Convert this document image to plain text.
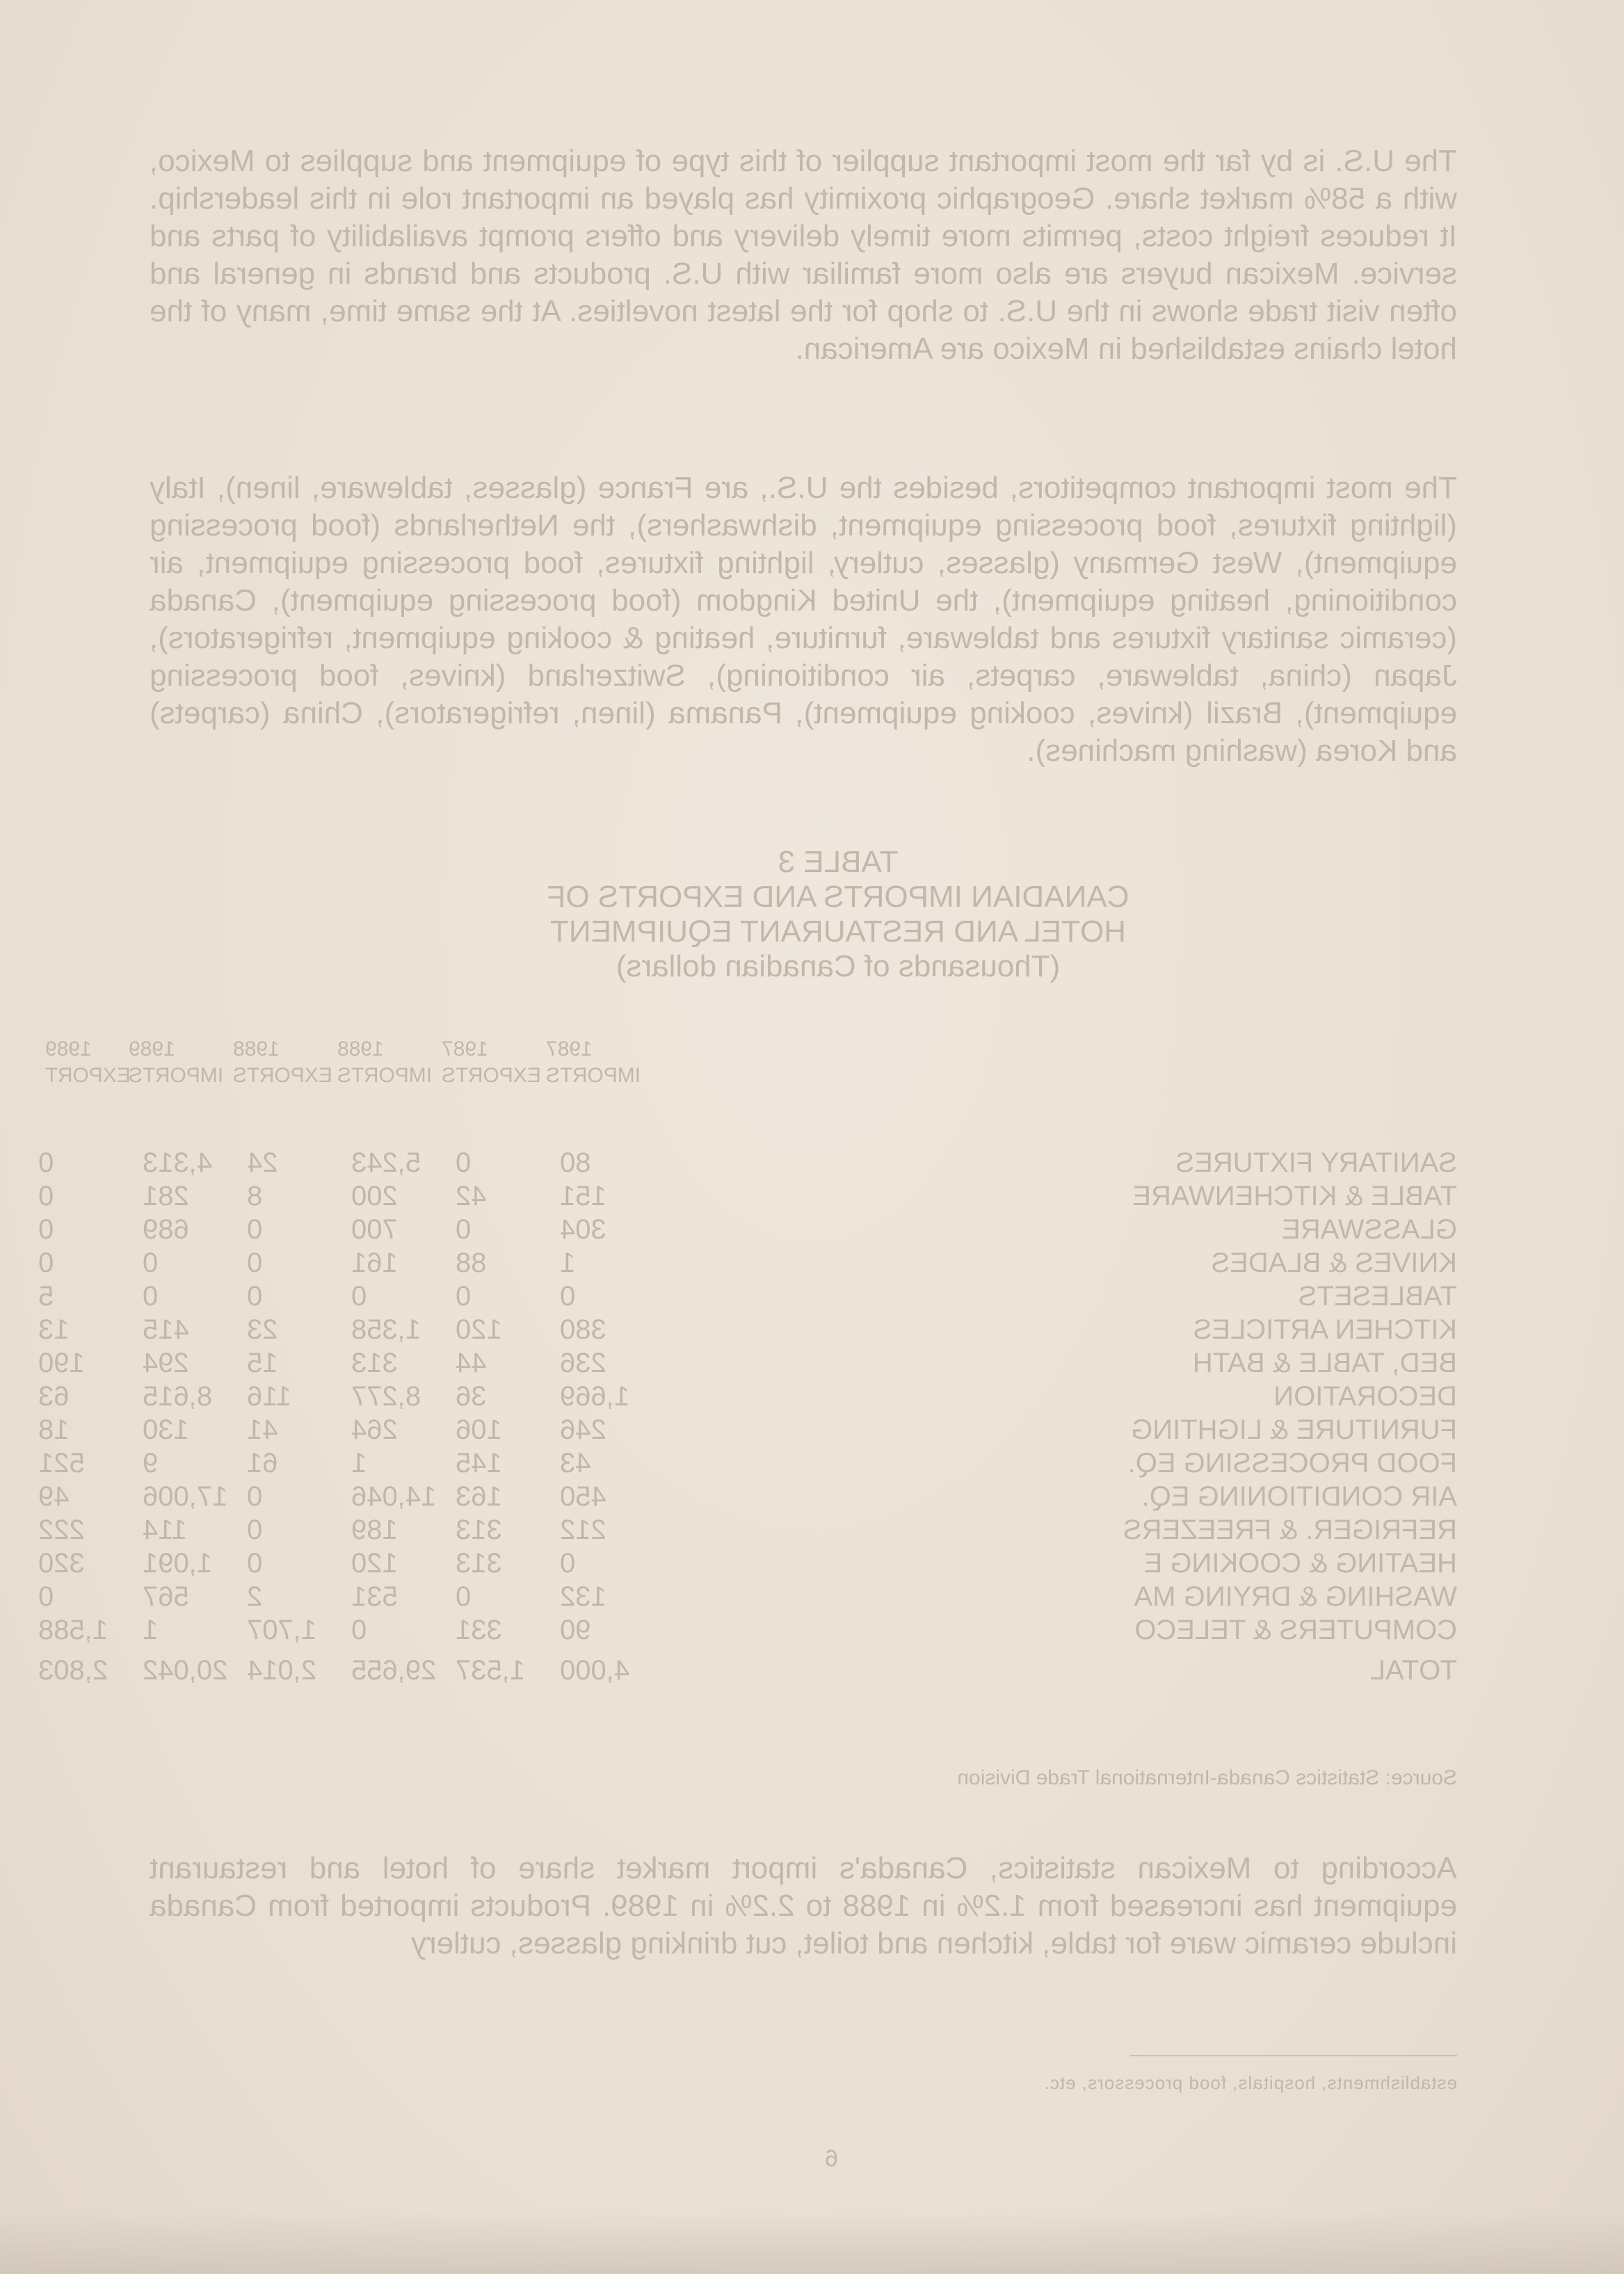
The U.S. is by far the most important supplier of this type of equipment and supplies to Mexico, with a 58% market share. Geographic proximity has played an important role in this leadership. It reduces freight costs, permits more timely delivery and offers prompt availability of parts and service. Mexican buyers are also more familiar with U.S. products and brands in general and often visit trade shows in the U.S. to shop for the latest novelties. At the same time, many of the hotel chains established in Mexico are American.

The most important competitors, besides the U.S., are France (glasses, tableware, linen), Italy (lighting fixtures, food processing equipment, dishwashers), the Netherlands (food processing equipment), West Germany (glasses, cutlery, lighting fixtures, food processing equipment, air conditioning, heating equipment), the United Kingdom (food processing equipment), Canada (ceramic sanitary fixtures and tableware, furniture, heating & cooking equipment, refrigerators), Japan (china, tableware, carpets, air conditioning), Switzerland (knives, food processing equipment), Brazil (knives, cooking equipment), Panama (linen, refrigerators), China (carpets) and Korea (washing machines).

TABLE 3
CANADIAN IMPORTS AND EXPORTS OF
HOTEL AND RESTAURANT EQUIPMENT
(Thousands of Canadian dollars)
1987
IMPORTS
1987
EXPORTS
1988
IMPORTS
1988
EXPORTS
1989
IMPORTS
1989
EXPORT
SANITARY FIXTURES
80
0
5,243
24
4,313
0
TABLE & KITCHENWARE
151
42
200
8
281
0
GLASSWARE
304
0
700
0
689
0
KNIVES & BLADES
1
88
161
0
0
0
TABLESETS
0
0
0
0
0
5
KITCHEN ARTICLES
380
120
1,358
23
415
13
BED, TABLE & BATH
236
44
313
15
294
190
DECORATION
1,669
36
8,277
116
8,615
63
FURNITURE & LIGHTING
246
106
264
41
130
18
FOOD PROCESSING EQ.
43
145
1
61
9
521
AIR CONDITIONING EQ.
450
163
14,046
0
17,006
49
REFRIGER. & FREEZERS
212
313
189
0
114
222
HEATING & COOKING E
0
313
120
0
1,091
320
WASHING & DRYING MA
132
0
531
2
567
0
COMPUTERS & TELECO
90
331
0
1,707
1
1,588
TOTAL
4,000
1,537
29,655
2,014
20,042
2,803
Source: Statistics Canada-International Trade Division

According to Mexican statistics, Canada's import market share of hotel and restaurant equipment has increased from 1.2% in 1988 to 2.2% in 1989. Products imported from Canada include ceramic ware for table, kitchen and toilet, cut drinking glasses, cutlery

establishments, hospitals, food processors, etc.
6
